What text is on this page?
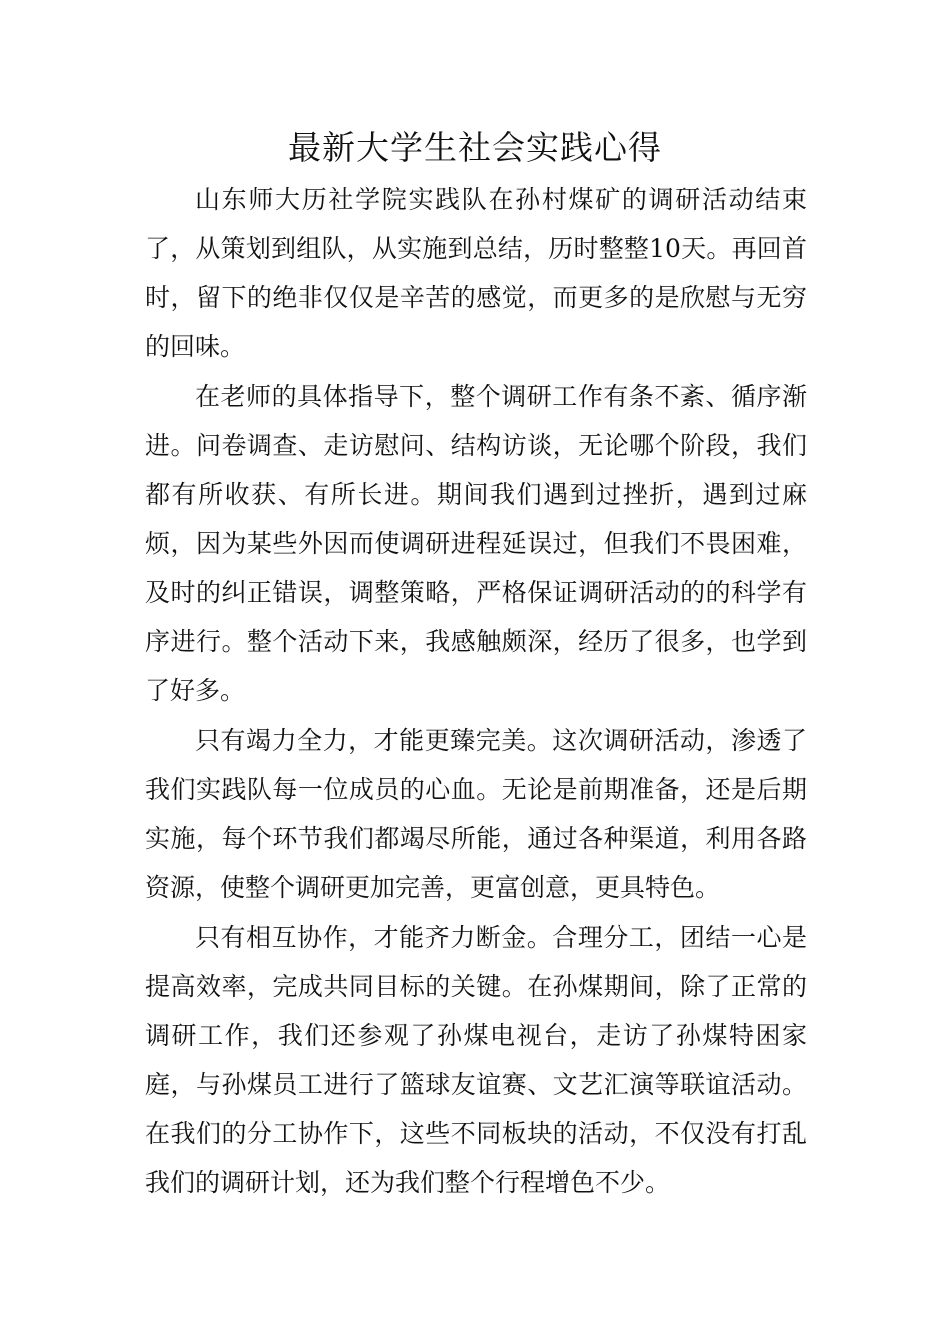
最新大学生社会实践心得

山东师大历社学院实践队在孙村煤矿的调研活动结束了，从策划到组队，从实施到总结，历时整整10天。再回首时，留下的绝非仅仅是辛苦的感觉，而更多的是欣慰与无穷的回味。

在老师的具体指导下，整个调研工作有条不紊、循序渐进。问卷调查、走访慰问、结构访谈，无论哪个阶段，我们都有所收获、有所长进。期间我们遇到过挫折，遇到过麻烦，因为某些外因而使调研进程延误过，但我们不畏困难，及时的纠正错误，调整策略，严格保证调研活动的的科学有序进行。整个活动下来，我感触颇深，经历了很多，也学到了好多。

只有竭力全力，才能更臻完美。这次调研活动，渗透了我们实践队每一位成员的心血。无论是前期准备，还是后期实施，每个环节我们都竭尽所能，通过各种渠道，利用各路资源，使整个调研更加完善，更富创意，更具特色。

只有相互协作，才能齐力断金。合理分工，团结一心是提高效率，完成共同目标的关键。在孙煤期间，除了正常的调研工作，我们还参观了孙煤电视台，走访了孙煤特困家庭，与孙煤员工进行了篮球友谊赛、文艺汇演等联谊活动。在我们的分工协作下，这些不同板块的活动，不仅没有打乱我们的调研计划，还为我们整个行程增色不少。
